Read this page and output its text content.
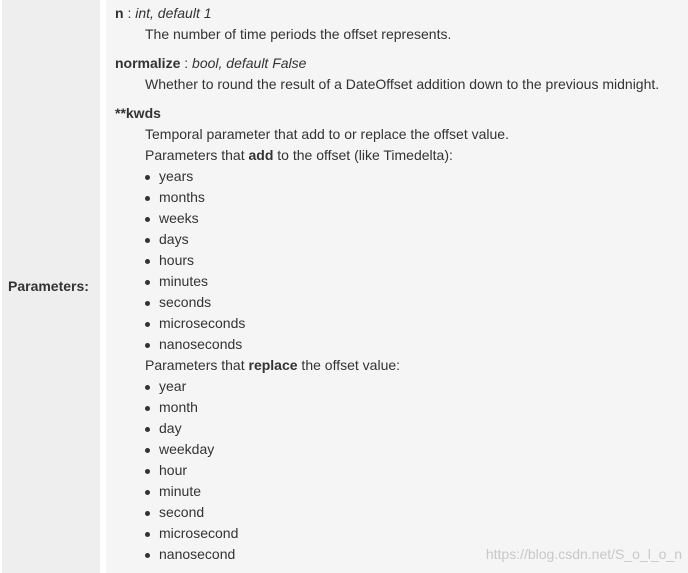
Parameters:
n : int, default 1
The number of time periods the offset represents.
normalize : bool, default False
Whether to round the result of a DateOffset addition down to the previous midnight.
**kwds
Temporal parameter that add to or replace the offset value.
Parameters that add to the offset (like Timedelta):
years
months
weeks
days
hours
minutes
seconds
microseconds
nanoseconds
Parameters that replace the offset value:
year
month
day
weekday
hour
minute
second
microsecond
nanosecond	https://blog.csdn.net/S_o_l_o_n
